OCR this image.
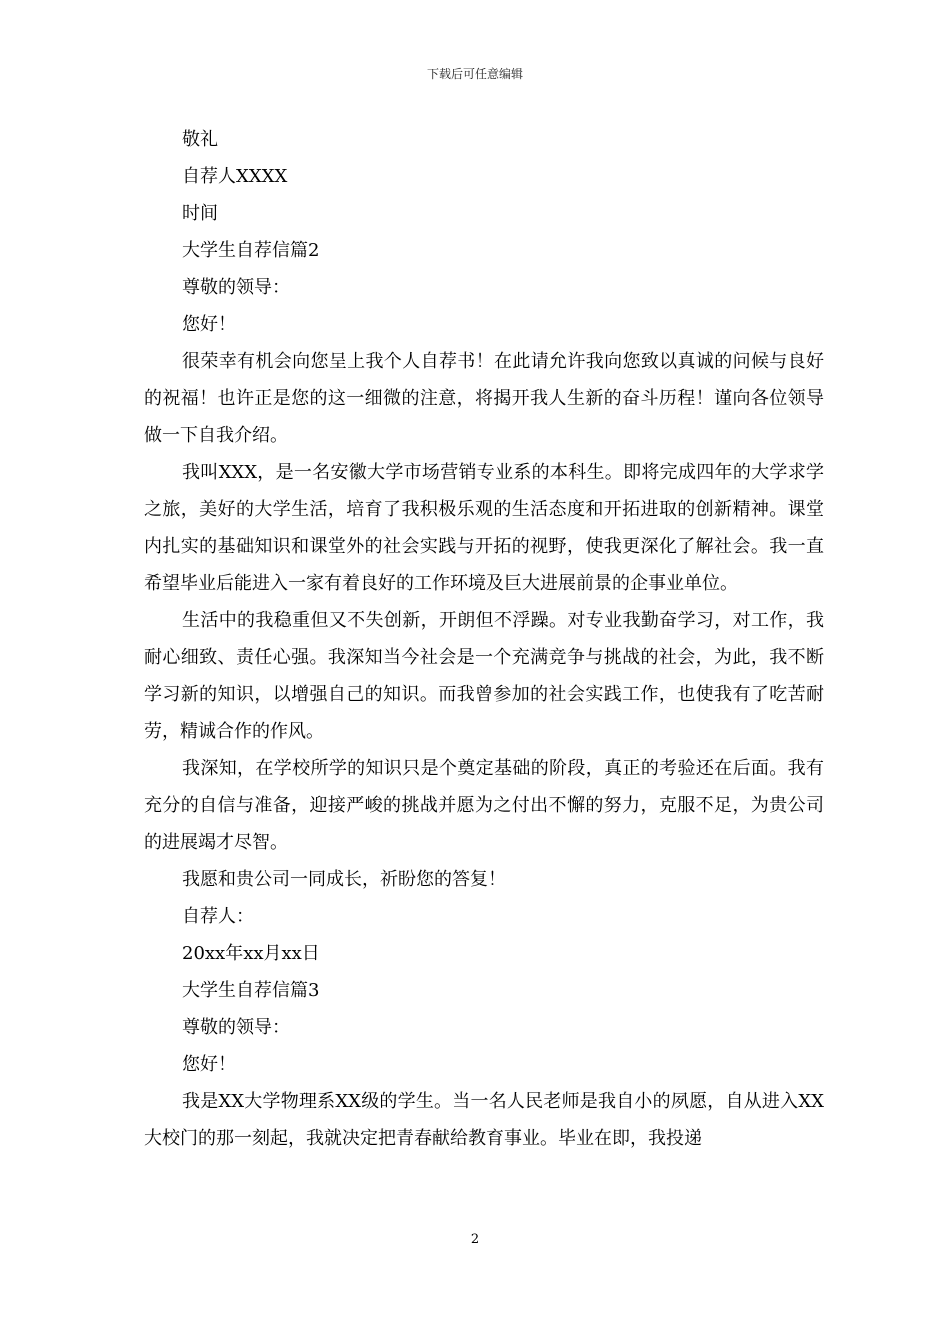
下载后可任意编辑

敬礼

自荐人XXXX

时间

大学生自荐信篇2

尊敬的领导：

您好！

很荣幸有机会向您呈上我个人自荐书！在此请允许我向您致以真诚的问候与良好的祝福！也许正是您的这一细微的注意，将揭开我人生新的奋斗历程！谨向各位领导做一下自我介绍。

我叫XXX，是一名安徽大学市场营销专业系的本科生。即将完成四年的大学求学之旅，美好的大学生活，培育了我积极乐观的生活态度和开拓进取的创新精神。课堂内扎实的基础知识和课堂外的社会实践与开拓的视野，使我更深化了解社会。我一直希望毕业后能进入一家有着良好的工作环境及巨大进展前景的企事业单位。

生活中的我稳重但又不失创新，开朗但不浮躁。对专业我勤奋学习，对工作，我耐心细致、责任心强。我深知当今社会是一个充满竞争与挑战的社会，为此，我不断学习新的知识，以增强自己的知识。而我曾参加的社会实践工作，也使我有了吃苦耐劳，精诚合作的作风。

我深知，在学校所学的知识只是个奠定基础的阶段，真正的考验还在后面。我有充分的自信与准备，迎接严峻的挑战并愿为之付出不懈的努力，克服不足，为贵公司的进展竭才尽智。

我愿和贵公司一同成长，祈盼您的答复！

自荐人：

20xx年xx月xx日

大学生自荐信篇3

尊敬的领导：

您好！

我是XX大学物理系XX级的学生。当一名人民老师是我自小的夙愿，自从进入XX大校门的那一刻起，我就决定把青春献给教育事业。毕业在即，我投递

2
